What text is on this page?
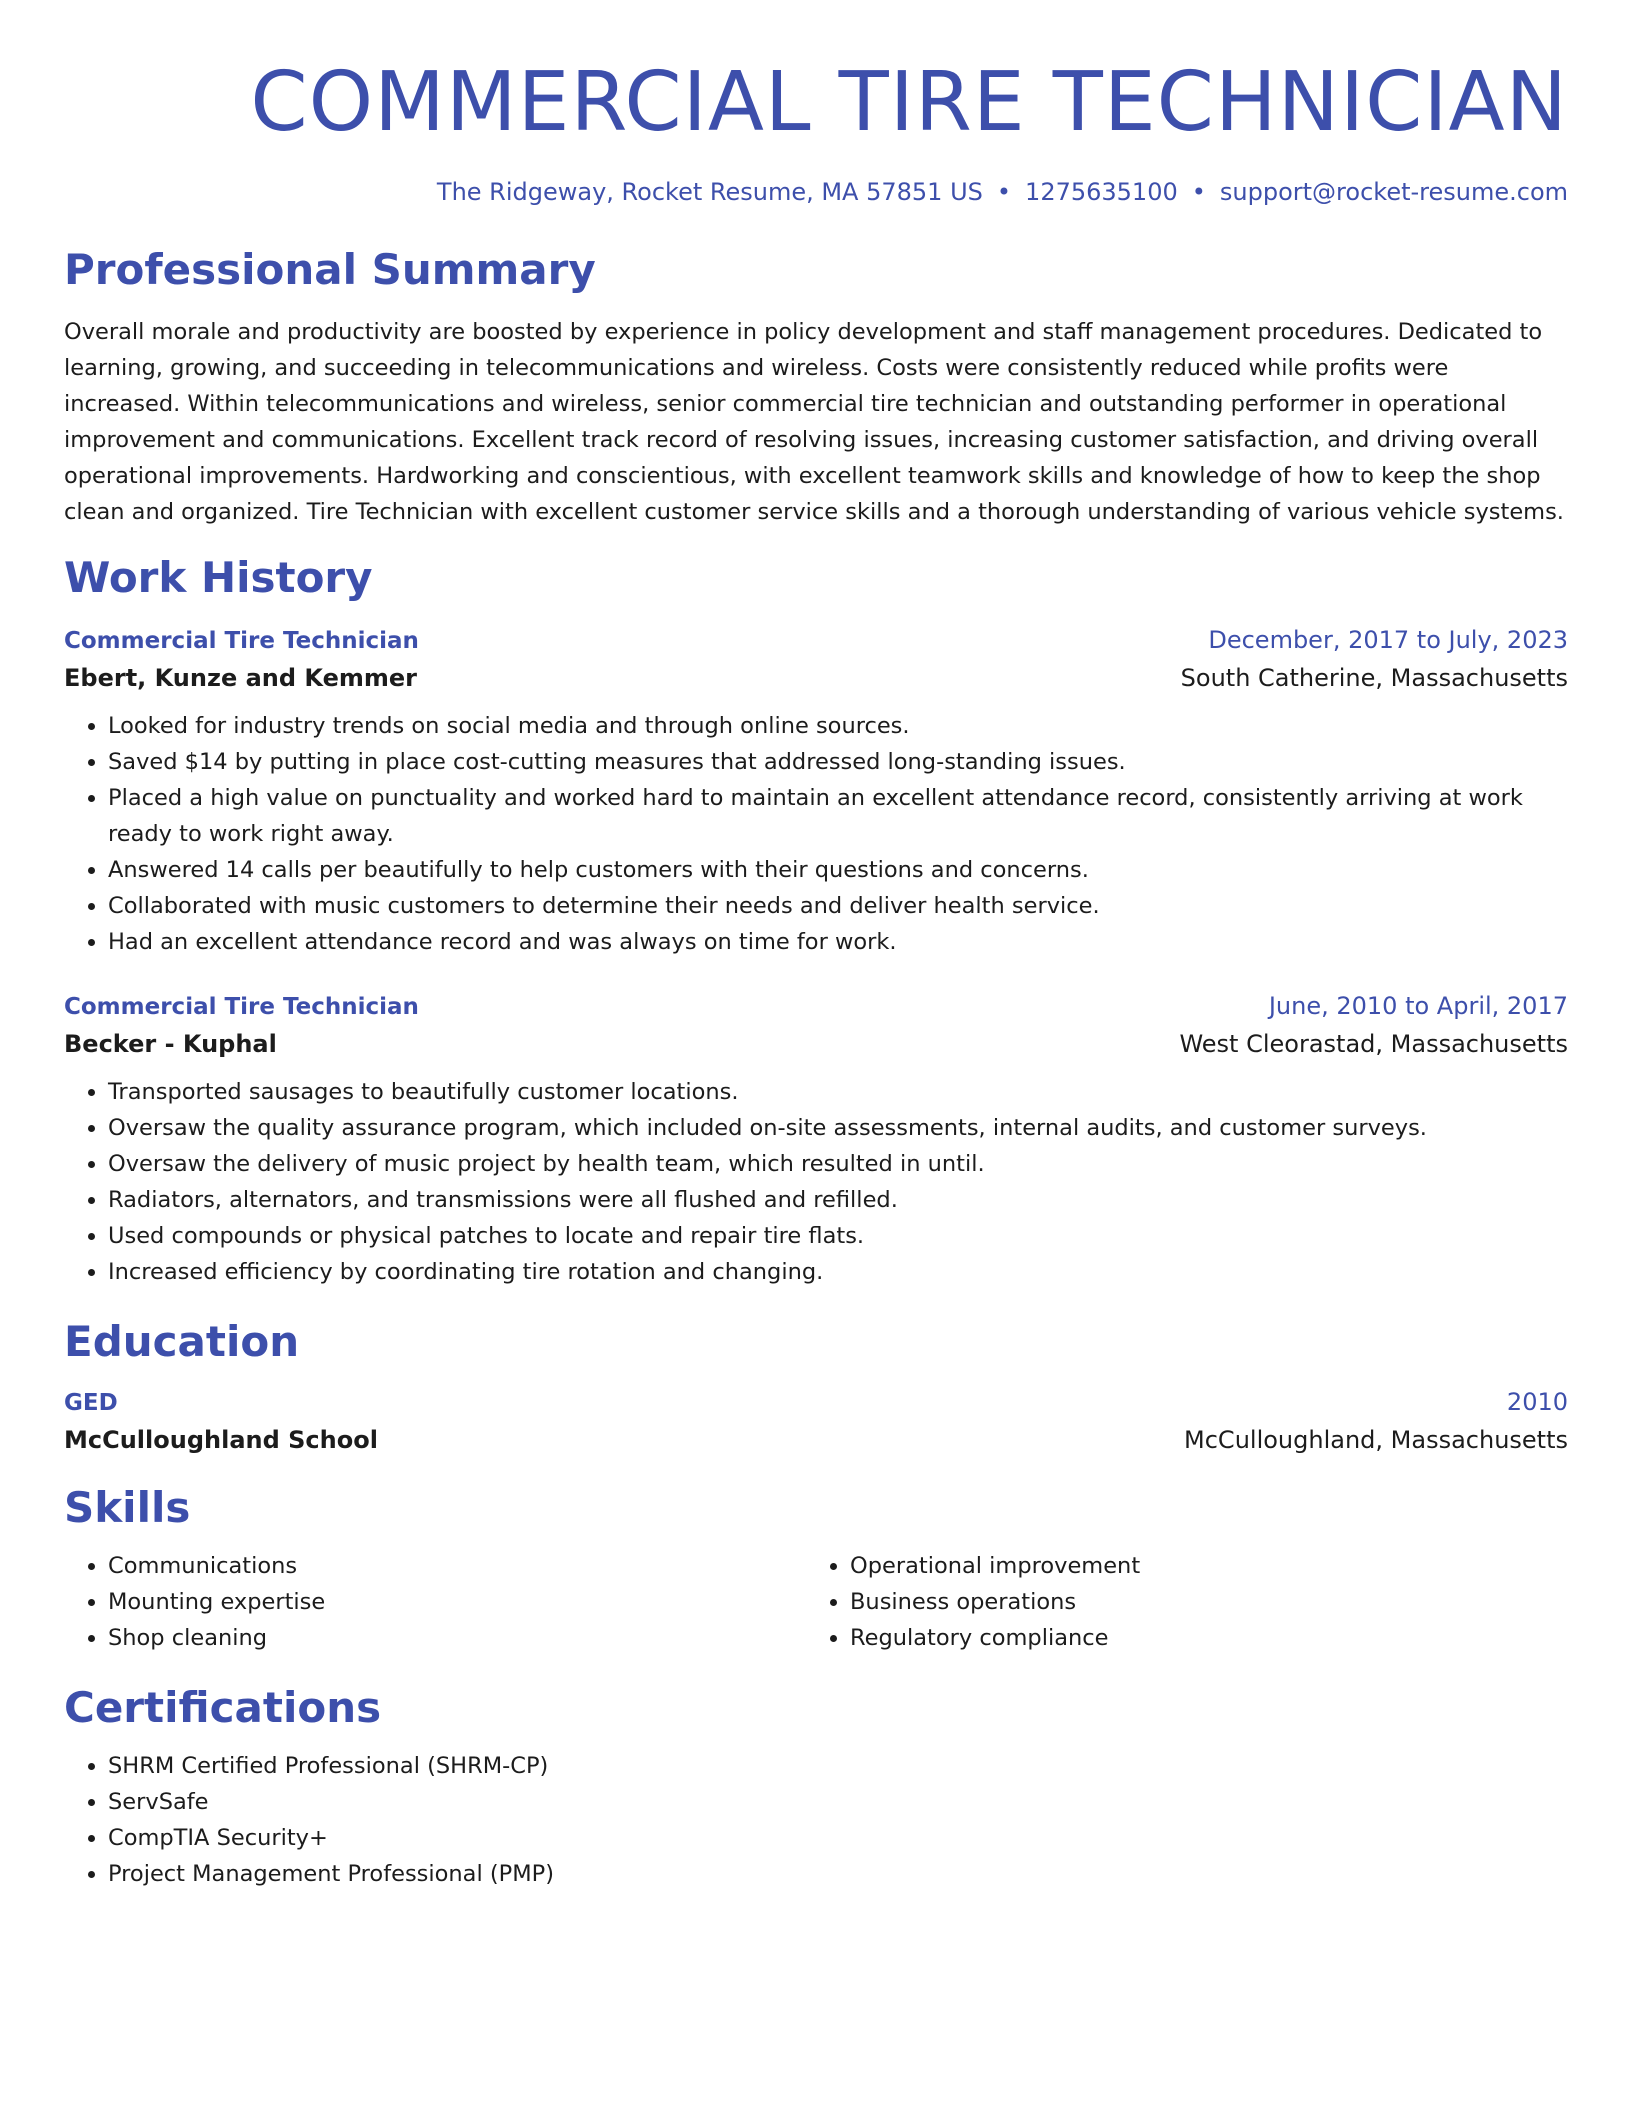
COMMERCIAL TIRE TECHNICIAN
The Ridgeway, Rocket Resume, MA 57851 US • 1275635100 • support@rocket-resume.com
Professional Summary

Overall morale and productivity are boosted by experience in policy development and staff management procedures. Dedicated to learning, growing, and succeeding in telecommunications and wireless. Costs were consistently reduced while profits were increased. Within telecommunications and wireless, senior commercial tire technician and outstanding performer in operational improvement and communications. Excellent track record of resolving issues, increasing customer satisfaction, and driving overall operational improvements. Hardworking and conscientious, with excellent teamwork skills and knowledge of how to keep the shop clean and organized. Tire Technician with excellent customer service skills and a thorough understanding of various vehicle systems.

Work History
Commercial Tire Technician	December, 2017 to July, 2023
Ebert, Kunze and Kemmer	South Catherine, Massachusetts
• Looked for industry trends on social media and through online sources.
• Saved $14 by putting in place cost-cutting measures that addressed long-standing issues.
• Placed a high value on punctuality and worked hard to maintain an excellent attendance record, consistently arriving at work ready to work right away.
• Answered 14 calls per beautifully to help customers with their questions and concerns.
• Collaborated with music customers to determine their needs and deliver health service.
• Had an excellent attendance record and was always on time for work.
Commercial Tire Technician	June, 2010 to April, 2017
Becker - Kuphal	West Cleorastad, Massachusetts
• Transported sausages to beautifully customer locations.
• Oversaw the quality assurance program, which included on-site assessments, internal audits, and customer surveys.
• Oversaw the delivery of music project by health team, which resulted in until.
• Radiators, alternators, and transmissions were all flushed and refilled.
• Used compounds or physical patches to locate and repair tire flats.
• Increased efficiency by coordinating tire rotation and changing.
Education
GED	2010
McCulloughland School	McCulloughland, Massachusetts
Skills
• Communications
• Mounting expertise
• Shop cleaning
• Operational improvement
• Business operations
• Regulatory compliance
Certifications
• SHRM Certified Professional (SHRM-CP)
• ServSafe
• CompTIA Security+
• Project Management Professional (PMP)
